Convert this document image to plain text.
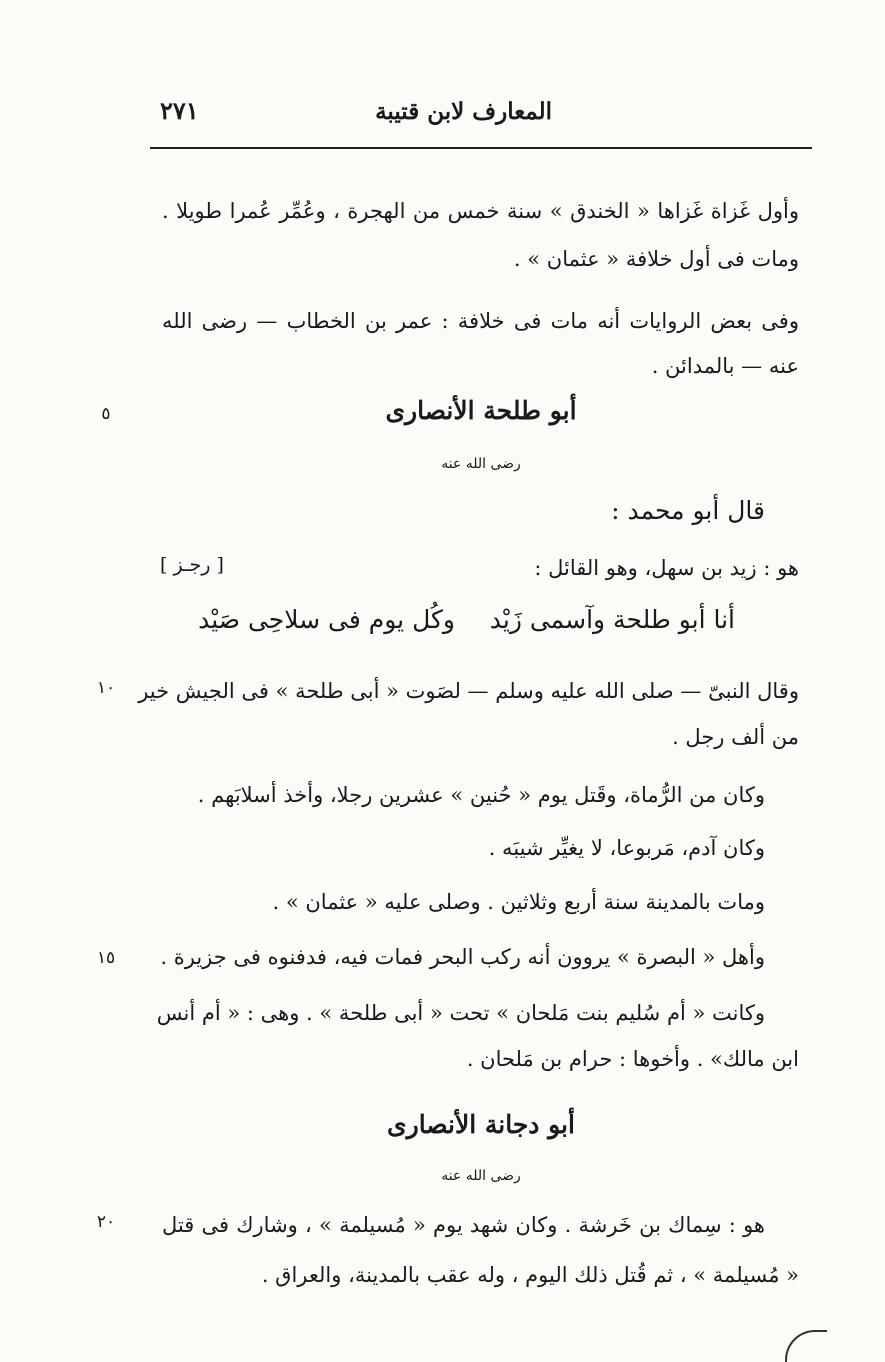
٢٧١	المعارف لابن قتيبة
وأول غَزاة غَزاها « الخندق » سنة خمس من الهجرة ، وعُمِّر عُمرا طويلا .
ومات فى أول خلافة « عثمان » .
وفى بعض الروايات أنه مات فى خلافة : عمر بن الخطاب — رضى الله
عنه — بالمدائن .
٥	أبو طلحة الأنصارى
رضى الله عنه
قال أبو محمد :
هو : زيد بن سهل، وهو القائل :
[ رجـز ]
أنا أبو طلحة وآسمى زَيْد
وكُل يوم فى سلاحِى صَيْد
١٠	وقال النبىّ — صلى الله عليه وسلم — لصَوت « أبى طلحة » فى الجيش خير
من ألف رجل .
وكان من الرُّماة، وقَتل يوم « حُنين » عشرين رجلا، وأخذ أسلابَهم .
وكان آدم، مَربوعا، لا يغيِّر شيبَه .
ومات بالمدينة سنة أربع وثلاثين . وصلى عليه « عثمان » .
وأهل « البصرة » يروون أنه ركب البحر فمات فيه، فدفنوه فى جزيرة .
وكانت « أم سُليم بنت مَلحان » تحت « أبى طلحة » . وهى : « أم أنس
ابن مالك» . وأخوها : حرام بن مَلحان .
١٥
أبو دجانة الأنصارى
رضى الله عنه
٢٠	هو : سِماك بن خَرشة . وكان شهد يوم « مُسيلمة » ، وشارك فى قتل
« مُسيلمة » ، ثم قُتل ذلك اليوم ، وله عقب بالمدينة، والعراق .
